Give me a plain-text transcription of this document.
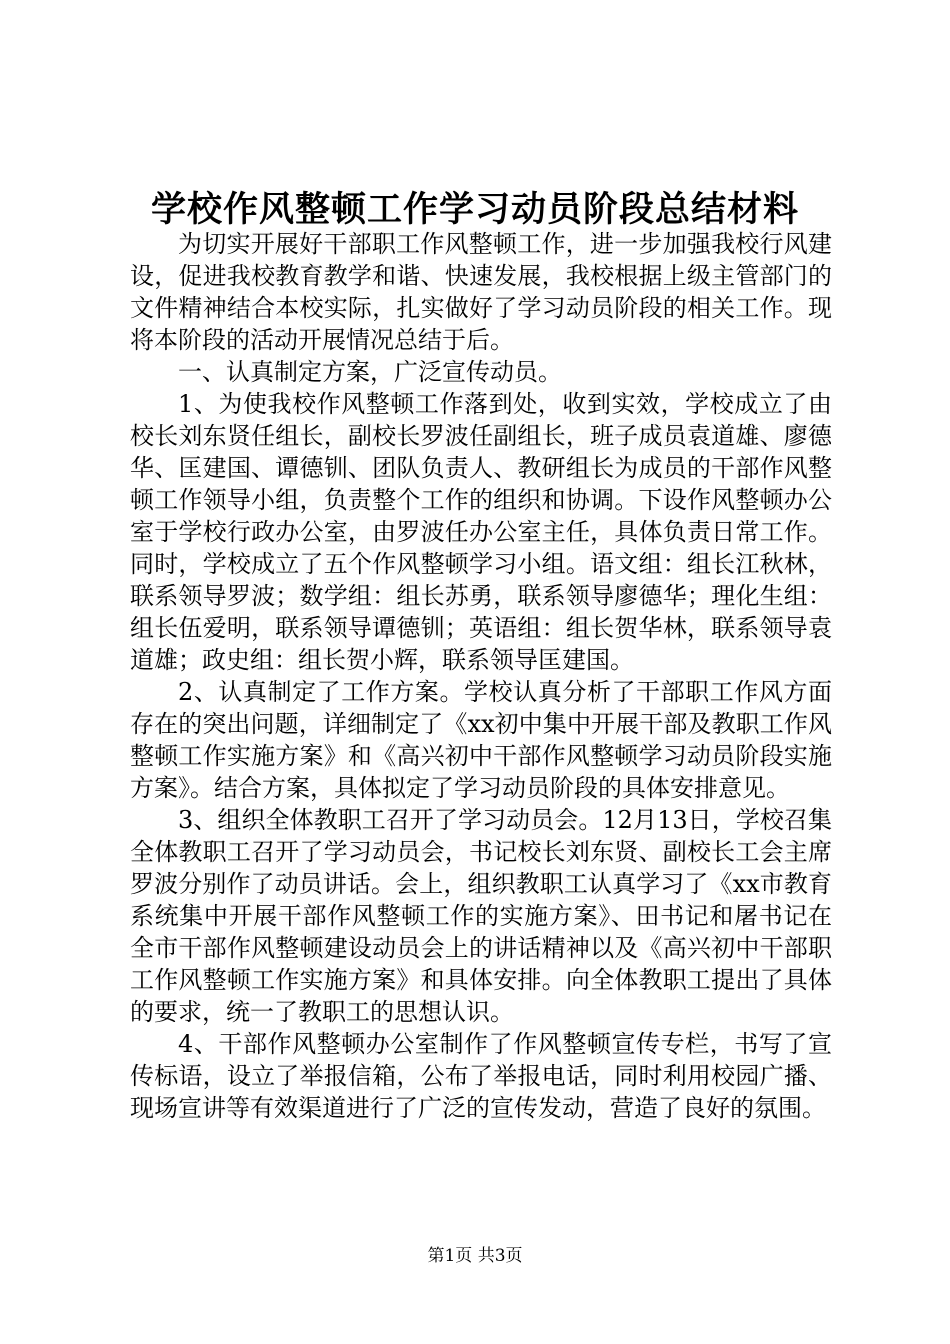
学校作风整顿工作学习动员阶段总结材料

为切实开展好干部职工作风整顿工作，进一步加强我校行风建设，促进我校教育教学和谐、快速发展，我校根据上级主管部门的文件精神结合本校实际，扎实做好了学习动员阶段的相关工作。现将本阶段的活动开展情况总结于后。

一、认真制定方案，广泛宣传动员。

1、为使我校作风整顿工作落到处，收到实效，学校成立了由校长刘东贤任组长，副校长罗波任副组长，班子成员袁道雄、廖德华、匡建国、谭德钏、团队负责人、教研组长为成员的干部作风整顿工作领导小组，负责整个工作的组织和协调。下设作风整顿办公室于学校行政办公室，由罗波任办公室主任，具体负责日常工作。同时，学校成立了五个作风整顿学习小组。语文组：组长江秋林，联系领导罗波；数学组：组长苏勇，联系领导廖德华；理化生组：组长伍爱明，联系领导谭德钏；英语组：组长贺华林，联系领导袁道雄；政史组：组长贺小辉，联系领导匡建国。

2、认真制定了工作方案。学校认真分析了干部职工作风方面存在的突出问题，详细制定了《xx初中集中开展干部及教职工作风整顿工作实施方案》和《高兴初中干部作风整顿学习动员阶段实施方案》。结合方案，具体拟定了学习动员阶段的具体安排意见。

3、组织全体教职工召开了学习动员会。12月13日，学校召集全体教职工召开了学习动员会，书记校长刘东贤、副校长工会主席罗波分别作了动员讲话。会上，组织教职工认真学习了《xx市教育系统集中开展干部作风整顿工作的实施方案》、田书记和屠书记在全市干部作风整顿建设动员会上的讲话精神以及《高兴初中干部职工作风整顿工作实施方案》和具体安排。向全体教职工提出了具体的要求，统一了教职工的思想认识。

4、干部作风整顿办公室制作了作风整顿宣传专栏，书写了宣传标语，设立了举报信箱，公布了举报电话，同时利用校园广播、现场宣讲等有效渠道进行了广泛的宣传发动，营造了良好的氛围。

第1页 共3页
